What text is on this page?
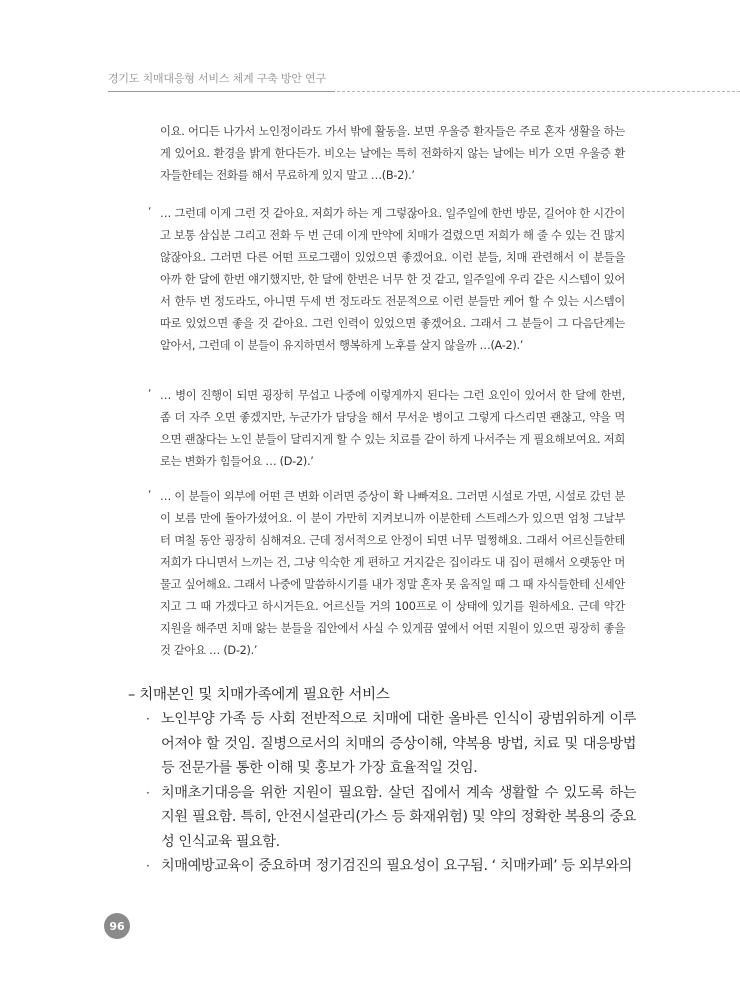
경기도 치매대응형 서비스 체계 구축 방안 연구

이요. 어디든 나가서 노인정이라도 가서 밖에 활동을. 보면 우울증 환자들은 주로 혼자 생활을 하는 게 있어요. 환경을 밝게 한다든가. 비오는 날에는 특히 전화하지 않는 날에는 비가 오면 우울증 환자들한테는 전화를 해서 무료하게 있지 말고 …(B-2).’

‘ … 그런데 이게 그런 것 같아요. 저희가 하는 게 그렇잖아요. 일주일에 한번 방문, 길어야 한 시간이고 보통 삼십분 그리고 전화 두 번 근데 이게 만약에 치매가 걸렸으면 저희가 해 줄 수 있는 건 많지 않잖아요. 그러면 다른 어떤 프로그램이 있었으면 좋겠어요. 이런 분들, 치매 관련해서 이 분들을 아까 한 달에 한번 얘기했지만, 한 달에 한번은 너무 한 것 같고, 일주일에 우리 같은 시스템이 있어서 한두 번 정도라도, 아니면 두세 번 정도라도 전문적으로 이런 분들만 케어 할 수 있는 시스템이 따로 있었으면 좋을 것 같아요. 그런 인력이 있었으면 좋겠어요. 그래서 그 분들이 그 다음단계는 알아서, 그런데 이 분들이 유지하면서 행복하게 노후를 살지 않을까 …(A-2).’

‘ … 병이 진행이 되면 굉장히 무섭고 나중에 이렇게까지 된다는 그런 요인이 있어서 한 달에 한번, 좀 더 자주 오면 좋겠지만, 누군가가 담당을 해서 무서운 병이고 그렇게 다스리면 괜찮고, 약을 먹으면 괜찮다는 노인 분들이 달리지게 할 수 있는 치료를 같이 하게 나서주는 게 필요해보여요. 저희로는 변화가 힘들어요 … (D-2).’

‘ … 이 분들이 외부에 어떤 큰 변화 이러면 증상이 확 나빠져요. 그러면 시설로 가면, 시설로 갔던 분이 보름 만에 돌아가셨어요. 이 분이 가만히 지켜보니까 이분한테 스트레스가 있으면 엄청 그날부터 며칠 동안 굉장히 심해져요. 근데 정서적으로 안정이 되면 너무 멀쩡해요. 그래서 어르신들한테 저희가 다니면서 느끼는 건, 그냥 익숙한 게 편하고 거지같은 집이라도 내 집이 편해서 오랫동안 머물고 싶어해요. 그래서 나중에 말씀하시기를 내가 정말 혼자 못 움직일 때 그 때 자식들한테 신세안지고 그 때 가겠다고 하시거든요. 어르신들 거의 100프로 이 상태에 있기를 원하세요. 근데 약간 지원을 해주면 치매 앓는 분들을 집안에서 사실 수 있게끔 옆에서 어떤 지원이 있으면 굉장히 좋을 것 같아요 … (D-2).’

– 치매본인 및 치매가족에게 필요한 서비스
· 노인부양 가족 등 사회 전반적으로 치매에 대한 올바른 인식이 광범위하게 이루어져야 할 것임. 질병으로서의 치매의 증상이해, 약복용 방법, 치료 및 대응방법 등 전문가를 통한 이해 및 홍보가 가장 효율적일 것임.
· 치매초기대응을 위한 지원이 필요함. 살던 집에서 계속 생활할 수 있도록 하는 지원 필요함. 특히, 안전시설관리(가스 등 화재위험) 및 약의 정확한 복용의 중요성 인식교육 필요함.
· 치매예방교육이 중요하며 정기검진의 필요성이 요구됨. ‘ 치매카페’ 등 외부와의
96
